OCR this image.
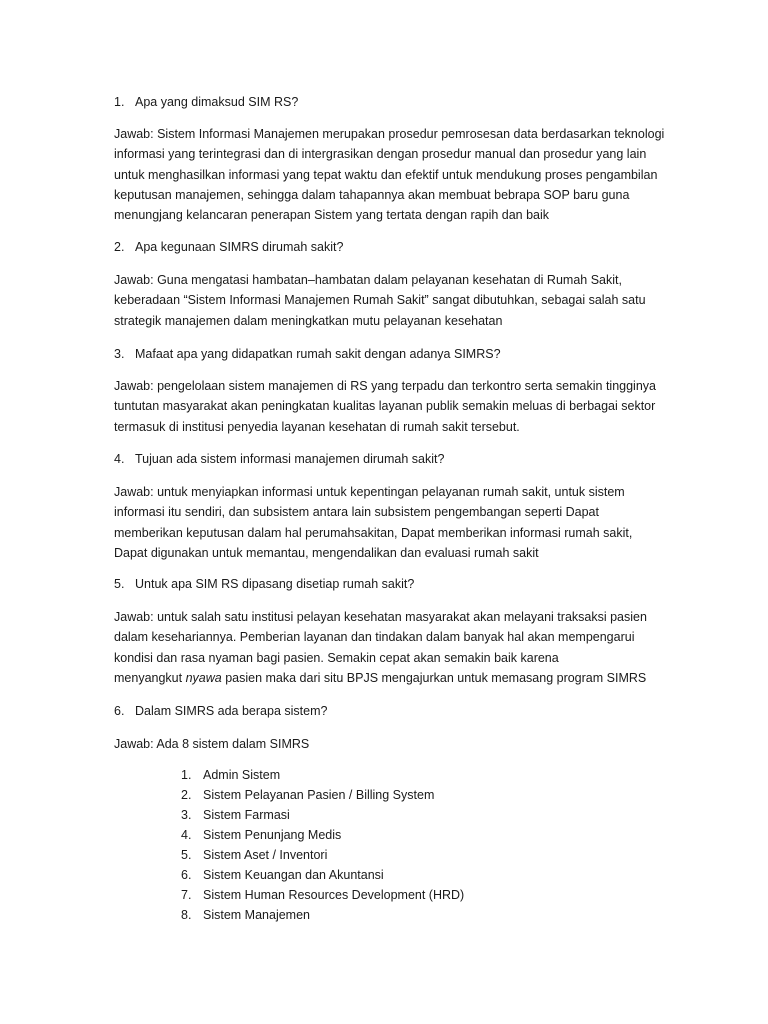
1. Apa yang dimaksud SIM RS?

Jawab: Sistem Informasi Manajemen merupakan prosedur pemrosesan data berdasarkan teknologi

informasi yang terintegrasi dan di intergrasikan dengan prosedur manual dan prosedur yang lain

untuk menghasilkan informasi yang tepat waktu dan efektif untuk mendukung proses pengambilan

keputusan manajemen, sehingga dalam tahapannya akan membuat bebrapa SOP baru guna

menungjang kelancaran penerapan Sistem yang tertata dengan rapih dan baik

2. Apa kegunaan SIMRS dirumah sakit?

Jawab: Guna mengatasi hambatan–hambatan dalam pelayanan kesehatan di Rumah Sakit,

keberadaan “Sistem Informasi Manajemen Rumah Sakit” sangat dibutuhkan, sebagai salah satu

strategik manajemen dalam meningkatkan mutu pelayanan kesehatan

3. Mafaat apa yang didapatkan rumah sakit dengan adanya SIMRS?

Jawab: pengelolaan sistem manajemen di RS yang terpadu dan terkontro serta semakin tingginya

tuntutan masyarakat akan peningkatan kualitas layanan publik semakin meluas di berbagai sektor

termasuk di institusi penyedia layanan kesehatan di rumah sakit tersebut.

4. Tujuan ada sistem informasi manajemen dirumah sakit?

Jawab: untuk menyiapkan informasi untuk kepentingan pelayanan rumah sakit, untuk sistem

informasi itu sendiri, dan subsistem antara lain subsistem pengembangan seperti Dapat

memberikan keputusan dalam hal perumahsakitan, Dapat memberikan informasi rumah sakit,

Dapat digunakan untuk memantau, mengendalikan dan evaluasi rumah sakit

5. Untuk apa SIM RS dipasang disetiap rumah sakit?

Jawab: untuk salah satu institusi pelayan kesehatan masyarakat akan melayani traksaksi pasien

dalam kesehariannya. Pemberian layanan dan tindakan dalam banyak hal akan mempengarui

kondisi dan rasa nyaman bagi pasien. Semakin cepat akan semakin baik karena

menyangkut nyawa pasien maka dari situ BPJS mengajurkan untuk memasang program SIMRS

6. Dalam SIMRS ada berapa sistem?

Jawab: Ada 8 sistem dalam SIMRS

1. Admin Sistem
2. Sistem Pelayanan Pasien / Billing System
3. Sistem Farmasi
4. Sistem Penunjang Medis
5. Sistem Aset / Inventori
6. Sistem Keuangan dan Akuntansi
7. Sistem Human Resources Development (HRD)
8. Sistem Manajemen
